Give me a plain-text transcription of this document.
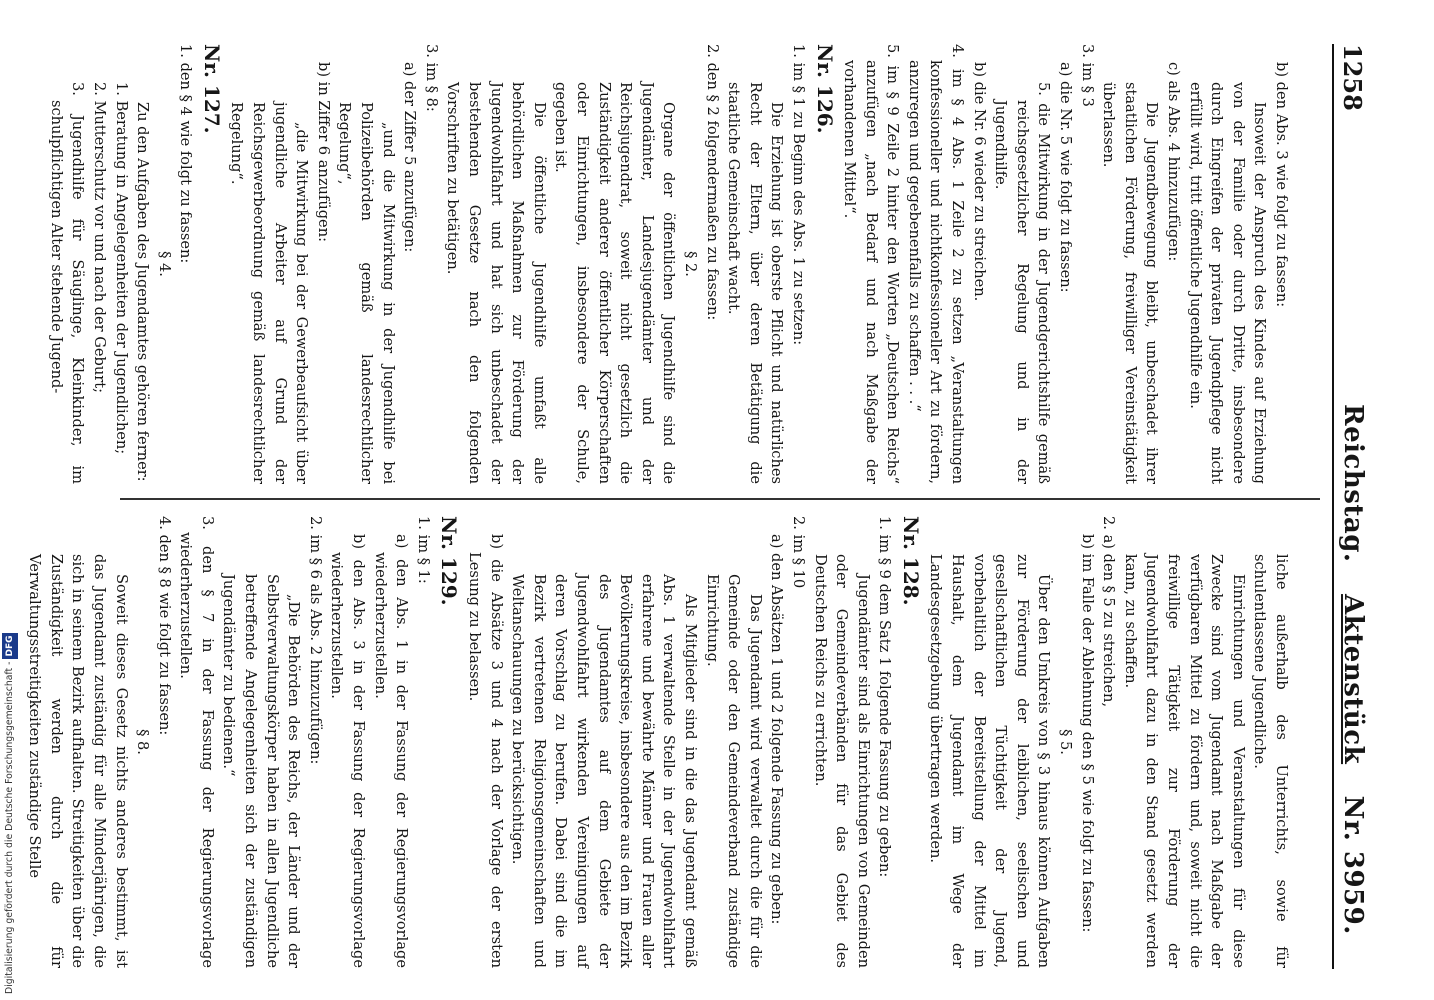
1258
Reichstag. Aktenstück Nr. 3959.

b) den Abs. 3 wie folgt zu fassen:

Insoweit der Anspruch des Kindes auf Erziehung von der Familie oder durch Dritte, insbesondere durch Eingreifen der privaten Jugendpflege nicht erfüllt wird, tritt öffentliche Jugendhilfe ein.

c) als Abs. 4 hinzuzufügen:

Die Jugendbewegung bleibt, unbeschadet ihrer staatlichen Förderung, freiwilliger Vereinstätigkeit überlassen.

3. im § 3

a) die Nr. 5 wie folgt zu fassen:

5. die Mitwirkung in der Jugendgerichtshilfe gemäß reichsgesetzlicher Regelung und in der Jugendhilfe.

b) die Nr. 6 wieder zu streichen.

4. im § 4 Abs. 1 Zeile 2 zu setzen „Veranstaltungen konfessioneller und nichtkonfessioneller Art zu fördern, anzuregen und gegebenenfalls zu schaffen . . .“

5. im § 9 Zeile 2 hinter den Worten „Deutschen Reichs“ anzufügen „nach Bedarf und nach Maßgabe der vorhandenen Mittel“.

Nr. 126.

1. im § 1 zu Beginn des Abs. 1 zu setzen:

Die Erziehung ist oberste Pflicht und natürliches Recht der Eltern, über deren Betätigung die staatliche Gemeinschaft wacht.

2. den § 2 folgendermaßen zu fassen:

§ 2.

Organe der öffentlichen Jugendhilfe sind die Jugendämter, Landesjugendämter und der Reichsjugendrat, soweit nicht gesetzlich die Zuständigkeit anderer öffentlicher Körperschaften oder Einrichtungen, insbesondere der Schule, gegeben ist.

Die öffentliche Jugendhilfe umfaßt alle behördlichen Maßnahmen zur Förderung der Jugendwohlfahrt und hat sich unbeschadet der bestehenden Gesetze nach den folgenden Vorschriften zu betätigen.

3. im § 8:

a) der Ziffer 5 anzufügen:

„und die Mitwirkung in der Jugendhilfe bei Polizeibehörden gemäß landesrechtlicher Regelung“,

b) in Ziffer 6 anzufügen:

„die Mitwirkung bei der Gewerbeaufsicht über jugendliche Arbeiter auf Grund der Reichsgewerbeordnung gemäß landesrechtlicher Regelung“.

Nr. 127.

1. den § 4 wie folgt zu fassen:

§ 4.

Zu den Aufgaben des Jugendamtes gehören ferner:

1. Beratung in Angelegenheiten der Jugendlichen;

2. Mutterschutz vor und nach der Geburt;

3. Jugendhilfe für Säuglinge, Kleinkinder, im schulpflichtigen Alter stehende Jugend-

liche außerhalb des Unterrichts, sowie für schulentlassene Jugendliche.

Einrichtungen und Veranstaltungen für diese Zwecke sind vom Jugendamt nach Maßgabe der verfügbaren Mittel zu fördern und, soweit nicht die freiwillige Tätigkeit zur Förderung der Jugendwohlfahrt dazu in den Stand gesetzt werden kann, zu schaffen.

2. a) den § 5 zu streichen,

b) im Falle der Ablehnung den § 5 wie folgt zu fassen:

§ 5.

Über den Umkreis von § 3 hinaus können Aufgaben zur Förderung der leiblichen, seelischen und gesellschaftlichen Tüchtigkeit der Jugend, vorbehaltlich der Bereitstellung der Mittel im Haushalt, dem Jugendamt im Wege der Landesgesetzgebung übertragen werden.

Nr. 128.

1. im § 9 dem Satz 1 folgende Fassung zu geben:

Jugendämter sind als Einrichtungen von Gemeinden oder Gemeindeverbänden für das Gebiet des Deutschen Reichs zu errichten.

2. im § 10

a) den Absätzen 1 und 2 folgende Fassung zu geben:

Das Jugendamt wird verwaltet durch die für die Gemeinde oder den Gemeindeverband zuständige Einrichtung.

Als Mitglieder sind in die das Jugendamt gemäß Abs. 1 verwaltende Stelle in der Jugendwohlfahrt erfahrene und bewährte Männer und Frauen aller Bevölkerungskreise, insbesondere aus den im Bezirk des Jugendamtes auf dem Gebiete der Jugendwohlfahrt wirkenden Vereinigungen auf deren Vorschlag zu berufen. Dabei sind die im Bezirk vertretenen Religionsgemeinschaften und Weltanschauungen zu berücksichtigen.

b) die Absätze 3 und 4 nach der Vorlage der ersten Lesung zu belassen.

Nr. 129.

1. im § 1:

a) den Abs. 1 in der Fassung der Regierungsvorlage wiederherzustellen.

b) den Abs. 3 in der Fassung der Regierungsvorlage wiederherzustellen.

2. im § 6 als Abs. 2 hinzuzufügen:

„Die Behörden des Reichs, der Länder und der Selbstverwaltungskörper haben in allen Jugendliche betreffende Angelegenheiten sich der zuständigen Jugendämter zu bedienen.“

3. den § 7 in der Fassung der Regierungsvorlage wiederherzustellen.

4. den § 8 wie folgt zu fassen:

§ 8.

Soweit dieses Gesetz nichts anderes bestimmt, ist das Jugendamt zuständig für alle Minderjährigen, die sich in seinem Bezirk aufhalten. Streitigkeiten über die Zuständigkeit werden durch die für Verwaltungsstreitigkeiten zuständige Stelle

Digitalisierung gefördert durch die Deutsche Forschungsgemeinschaft -DFG
